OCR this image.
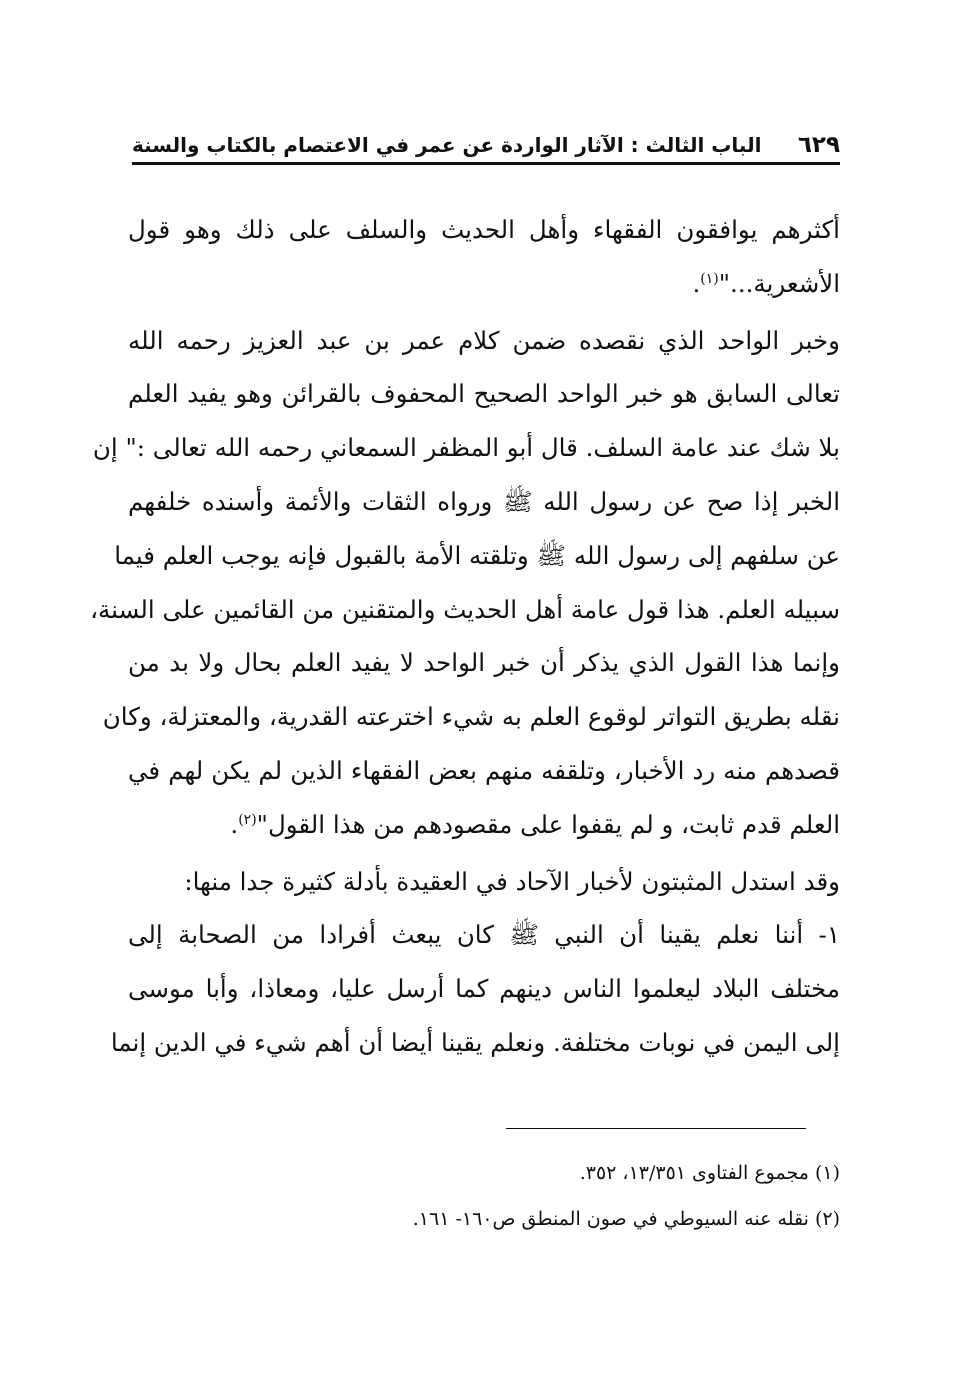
٦٢٩
الباب الثالث : الآثار الواردة عن عمر في الاعتصام بالكتاب والسنة
أكثرهم يوافقون الفقهاء وأهل الحديث والسلف على ذلك وهو قول
الأشعرية..."$^{(١)}$.
وخبر الواحد الذي نقصده ضمن كلام عمر بن عبد العزيز رحمه الله
تعالى السابق هو خبر الواحد الصحيح المحفوف بالقرائن وهو يفيد العلم
بلا شك عند عامة السلف. قال أبو المظفر السمعاني رحمه الله تعالى :" إن
الخبر إذا صح عن رسول الله ﷺ ورواه الثقات والأئمة وأسنده خلفهم
عن سلفهم إلى رسول الله ﷺ وتلقته الأمة بالقبول فإنه يوجب العلم فيما
سبيله العلم. هذا قول عامة أهل الحديث والمتقنين من القائمين على السنة،
وإنما هذا القول الذي يذكر أن خبر الواحد لا يفيد العلم بحال ولا بد من
نقله بطريق التواتر لوقوع العلم به شيء اخترعته القدرية، والمعتزلة، وكان
قصدهم منه رد الأخبار، وتلقفه منهم بعض الفقهاء الذين لم يكن لهم في
العلم قدم ثابت، و لم يقفوا على مقصودهم من هذا القول"$^{(٢)}$.
وقد استدل المثبتون لأخبار الآحاد في العقيدة بأدلة كثيرة جدا منها:
١- أننا نعلم يقينا أن النبي ﷺ كان يبعث أفرادا من الصحابة إلى
مختلف البلاد ليعلموا الناس دينهم كما أرسل عليا، ومعاذا، وأبا موسى
إلى اليمن في نوبات مختلفة. ونعلم يقينا أيضا أن أهم شيء في الدين إنما
(١) مجموع الفتاوى ١٣/٣٥١، ٣٥٢.
(٢) نقله عنه السيوطي في صون المنطق ص١٦٠- ١٦١.
